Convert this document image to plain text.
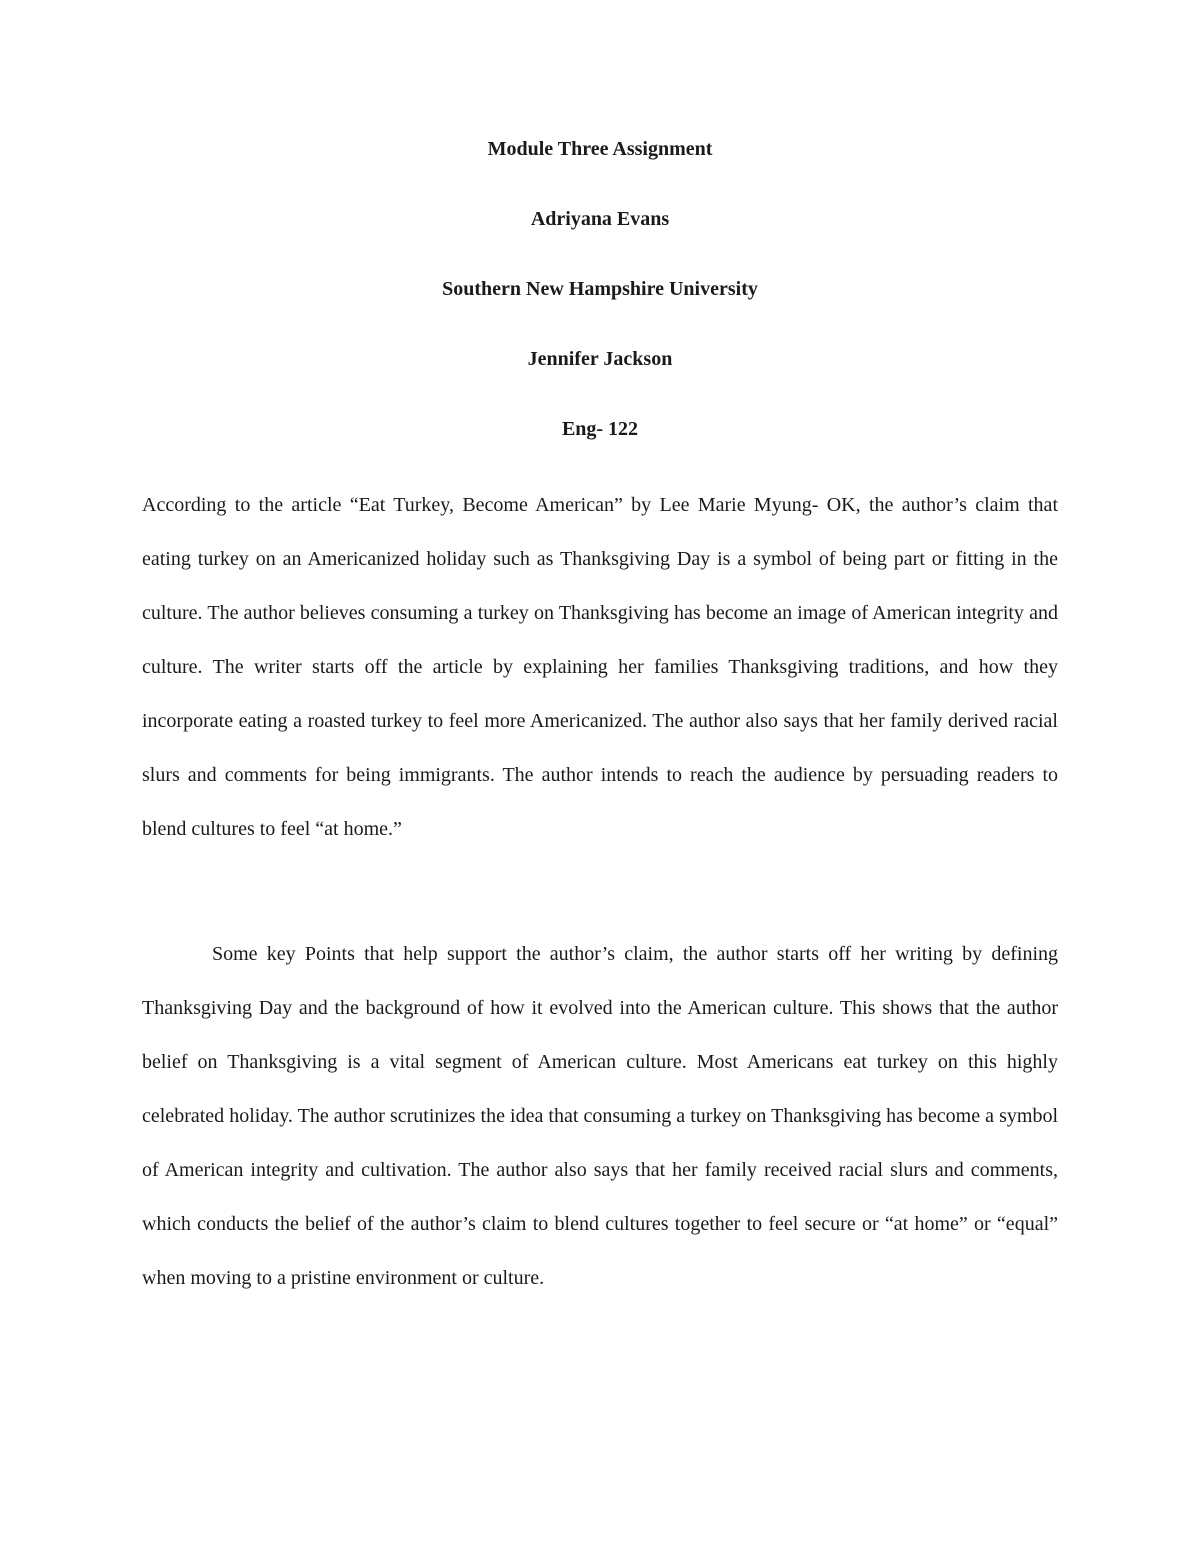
Module Three Assignment
Adriyana Evans
Southern New Hampshire University
Jennifer Jackson
Eng- 122

According to the article “Eat Turkey, Become American” by Lee Marie Myung- OK, the author’s claim that eating turkey on an Americanized holiday such as Thanksgiving Day is a symbol of being part or fitting in the culture. The author believes consuming a turkey on Thanksgiving has become an image of American integrity and culture. The writer starts off the article by explaining her families Thanksgiving traditions, and how they incorporate eating a roasted turkey to feel more Americanized. The author also says that her family derived racial slurs and comments for being immigrants. The author intends to reach the audience by persuading readers to blend cultures to feel “at home.”

Some key Points that help support the author’s claim, the author starts off her writing by defining Thanksgiving Day and the background of how it evolved into the American culture. This shows that the author belief on Thanksgiving is a vital segment of American culture. Most Americans eat turkey on this highly celebrated holiday. The author scrutinizes the idea that consuming a turkey on Thanksgiving has become a symbol of American integrity and cultivation. The author also says that her family received racial slurs and comments, which conducts the belief of the author’s claim to blend cultures together to feel secure or “at home” or “equal” when moving to a pristine environment or culture.
